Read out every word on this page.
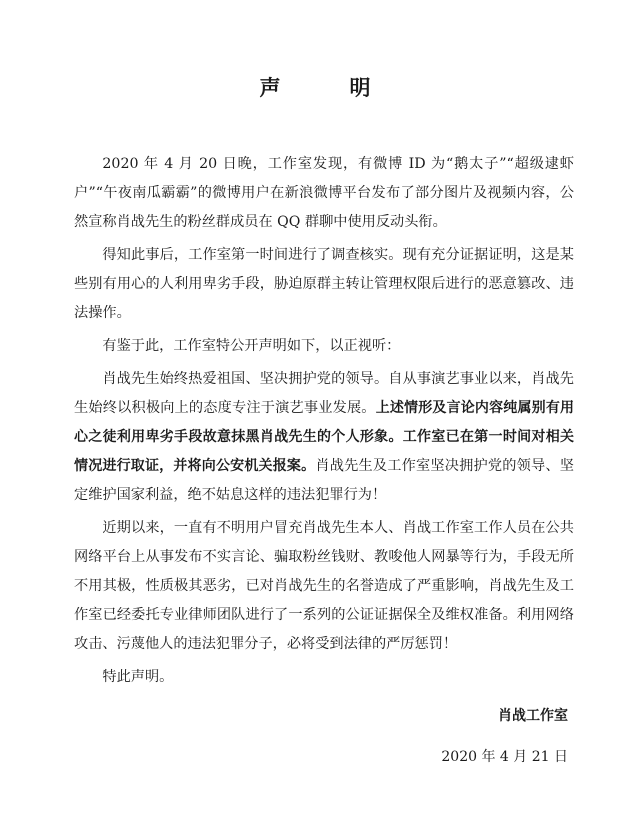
声　明

2020 年 4 月 20 日晚，工作室发现，有微博 ID 为“鹅太子”“超级逮虾户”“午夜南瓜霸霸”的微博用户在新浪微博平台发布了部分图片及视频内容，公然宣称肖战先生的粉丝群成员在 QQ 群聊中使用反动头衔。

得知此事后，工作室第一时间进行了调查核实。现有充分证据证明，这是某些别有用心的人利用卑劣手段，胁迫原群主转让管理权限后进行的恶意篡改、违法操作。

有鉴于此，工作室特公开声明如下，以正视听：

肖战先生始终热爱祖国、坚决拥护党的领导。自从事演艺事业以来，肖战先生始终以积极向上的态度专注于演艺事业发展。上述情形及言论内容纯属别有用心之徒利用卑劣手段故意抹黑肖战先生的个人形象。工作室已在第一时间对相关情况进行取证，并将向公安机关报案。肖战先生及工作室坚决拥护党的领导、坚定维护国家利益，绝不姑息这样的违法犯罪行为！

近期以来，一直有不明用户冒充肖战先生本人、肖战工作室工作人员在公共网络平台上从事发布不实言论、骗取粉丝钱财、教唆他人网暴等行为，手段无所不用其极，性质极其恶劣，已对肖战先生的名誉造成了严重影响，肖战先生及工作室已经委托专业律师团队进行了一系列的公证证据保全及维权准备。利用网络攻击、污蔑他人的违法犯罪分子，必将受到法律的严厉惩罚！

特此声明。

肖战工作室
2020 年 4 月 21 日
